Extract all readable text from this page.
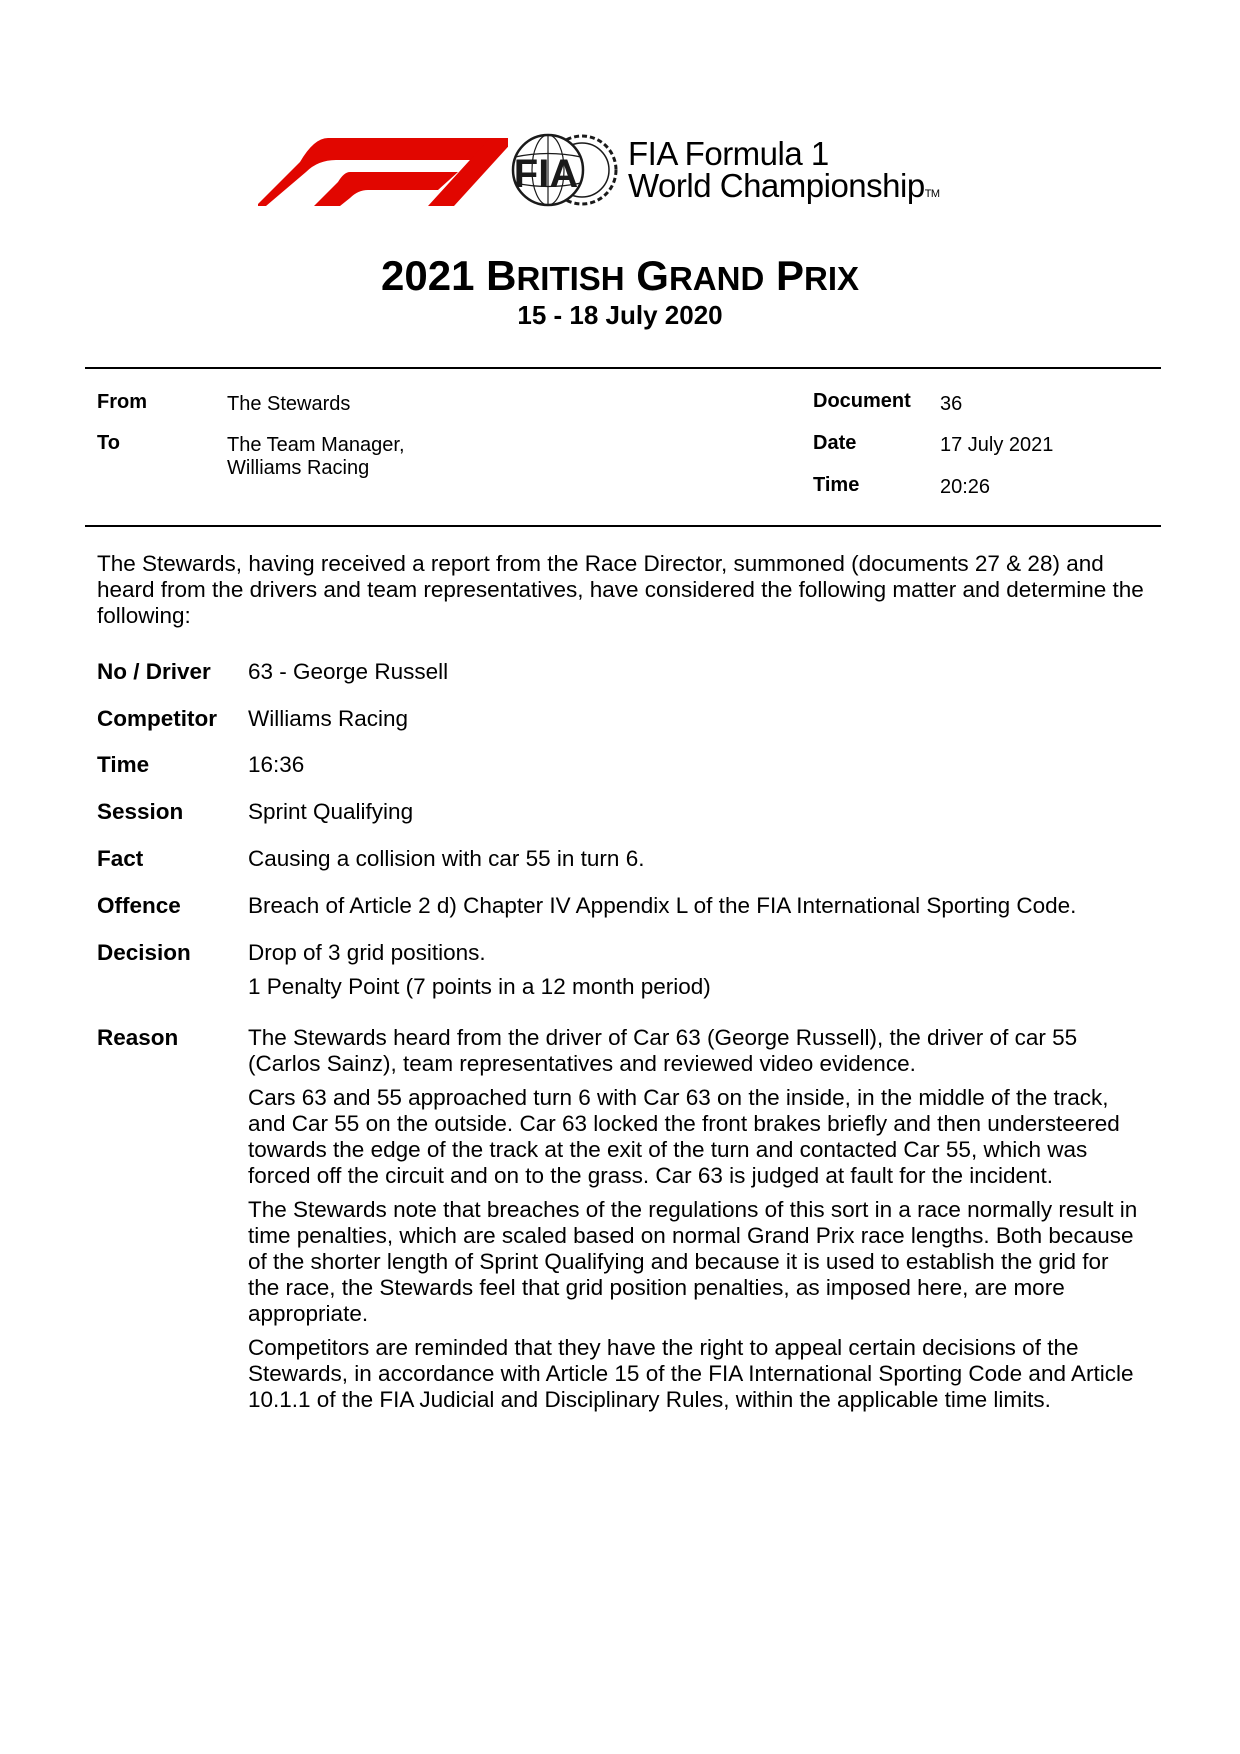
FIA FIA Formula 1
World ChampionshipTM
2021 BRITISH GRAND PRIX
15 - 18 July 2020
From	The Stewards
To	The Team Manager,
Williams Racing
Document 36
Date	17 July 2021
Time	20:26
The Stewards, having received a report from the Race Director, summoned (documents 27 & 28) and heard from the drivers and team representatives, have considered the following matter and determine the following:
No / Driver 63 - George Russell
Competitor Williams Racing
Time	16:36
Session	Sprint Qualifying
Fact	Causing a collision with car 55 in turn 6.
Offence	Breach of Article 2 d) Chapter IV Appendix L of the FIA International Sporting Code.
Decision	Drop of 3 grid positions.
1 Penalty Point (7 points in a 12 month period)
Reason	The Stewards heard from the driver of Car 63 (George Russell), the driver of car 55 (Carlos Sainz), team representatives and reviewed video evidence.

Cars 63 and 55 approached turn 6 with Car 63 on the inside, in the middle of the track, and Car 55 on the outside. Car 63 locked the front brakes briefly and then understeered towards the edge of the track at the exit of the turn and contacted Car 55, which was forced off the circuit and on to the grass. Car 63 is judged at fault for the incident.

The Stewards note that breaches of the regulations of this sort in a race normally result in time penalties, which are scaled based on normal Grand Prix race lengths. Both because of the shorter length of Sprint Qualifying and because it is used to establish the grid for the race, the Stewards feel that grid position penalties, as imposed here, are more appropriate.

Competitors are reminded that they have the right to appeal certain decisions of the Stewards, in accordance with Article 15 of the FIA International Sporting Code and Article 10.1.1 of the FIA Judicial and Disciplinary Rules, within the applicable time limits.
